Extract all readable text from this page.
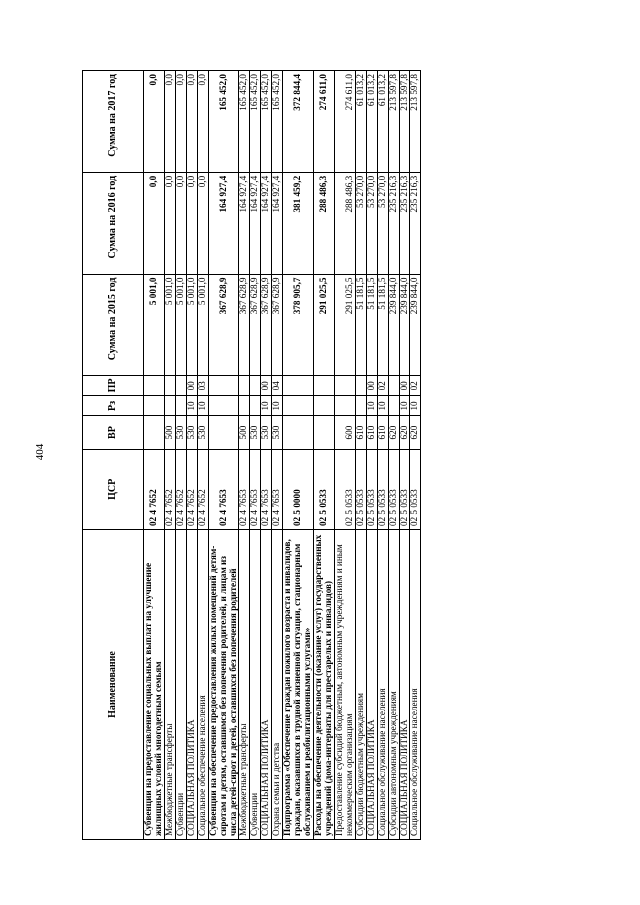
404
Наименование	ЦСР	ВР	Рз	ПР	Сумма на 2015 год	Сумма на 2016 год	Сумма на 2017 год
Субвенции на предоставление социальных выплат на улучшение жилищных условий многодетным семьям	02 4 7652				5 001,0	0,0	0,0
Межбюджетные трансферты	02 4 7652	500			5 001,0	0,0	0,0
Субвенции	02 4 7652	530			5 001,0	0,0	0,0
СОЦИАЛЬНАЯ ПОЛИТИКА	02 4 7652	530	10	00	5 001,0	0,0	0,0
Социальное обеспечение населения	02 4 7652	530	10	03	5 001,0	0,0	0,0
Субвенции на обеспечение предоставления жилых помещений детям-сиротам и детям, оставшимся без попечения родителей, и лицам из числа детей-сирот и детей, оставшихся без попечения родителей	02 4 7653				367 628,9	164 927,4	165 452,0
Межбюджетные трансферты	02 4 7653	500			367 628,9	164 927,4	165 452,0
Субвенции	02 4 7653	530			367 628,9	164 927,4	165 452,0
СОЦИАЛЬНАЯ ПОЛИТИКА	02 4 7653	530	10	00	367 628,9	164 927,4	165 452,0
Охрана семьи и детства	02 4 7653	530	10	04	367 628,9	164 927,4	165 452,0
Подпрограмма «Обеспечение граждан пожилого возраста и инвалидов, граждан, оказавшихся в трудной жизненной ситуации, стационарным обслуживанием и реабилитационными услугами»	02 5 0000				378 905,7	381 459,2	372 844,4
Расходы на обеспечение деятельности (оказание услуг) государственных учреждений (дома-интернаты для престарелых и инвалидов)	02 5 0533				291 025,5	288 486,3	274 611,0
Предоставление субсидий бюджетным, автономным учреждениям и иным некоммерческим организациям	02 5 0533	600			291 025,5	288 486,3	274 611,0
Субсидии бюджетным учреждениям	02 5 0533	610			51 181,5	53 270,0	61 013,2
СОЦИАЛЬНАЯ ПОЛИТИКА	02 5 0533	610	10	00	51 181,5	53 270,0	61 013,2
Социальное обслуживание населения	02 5 0533	610	10	02	51 181,5	53 270,0	61 013,2
Субсидии автономным учреждениям	02 5 0533	620			239 844,0	235 216,3	213 597,8
СОЦИАЛЬНАЯ ПОЛИТИКА	02 5 0533	620	10	00	239 844,0	235 216,3	213 597,8
Социальное обслуживание населения	02 5 0533	620	10	02	239 844,0	235 216,3	213 597,8
